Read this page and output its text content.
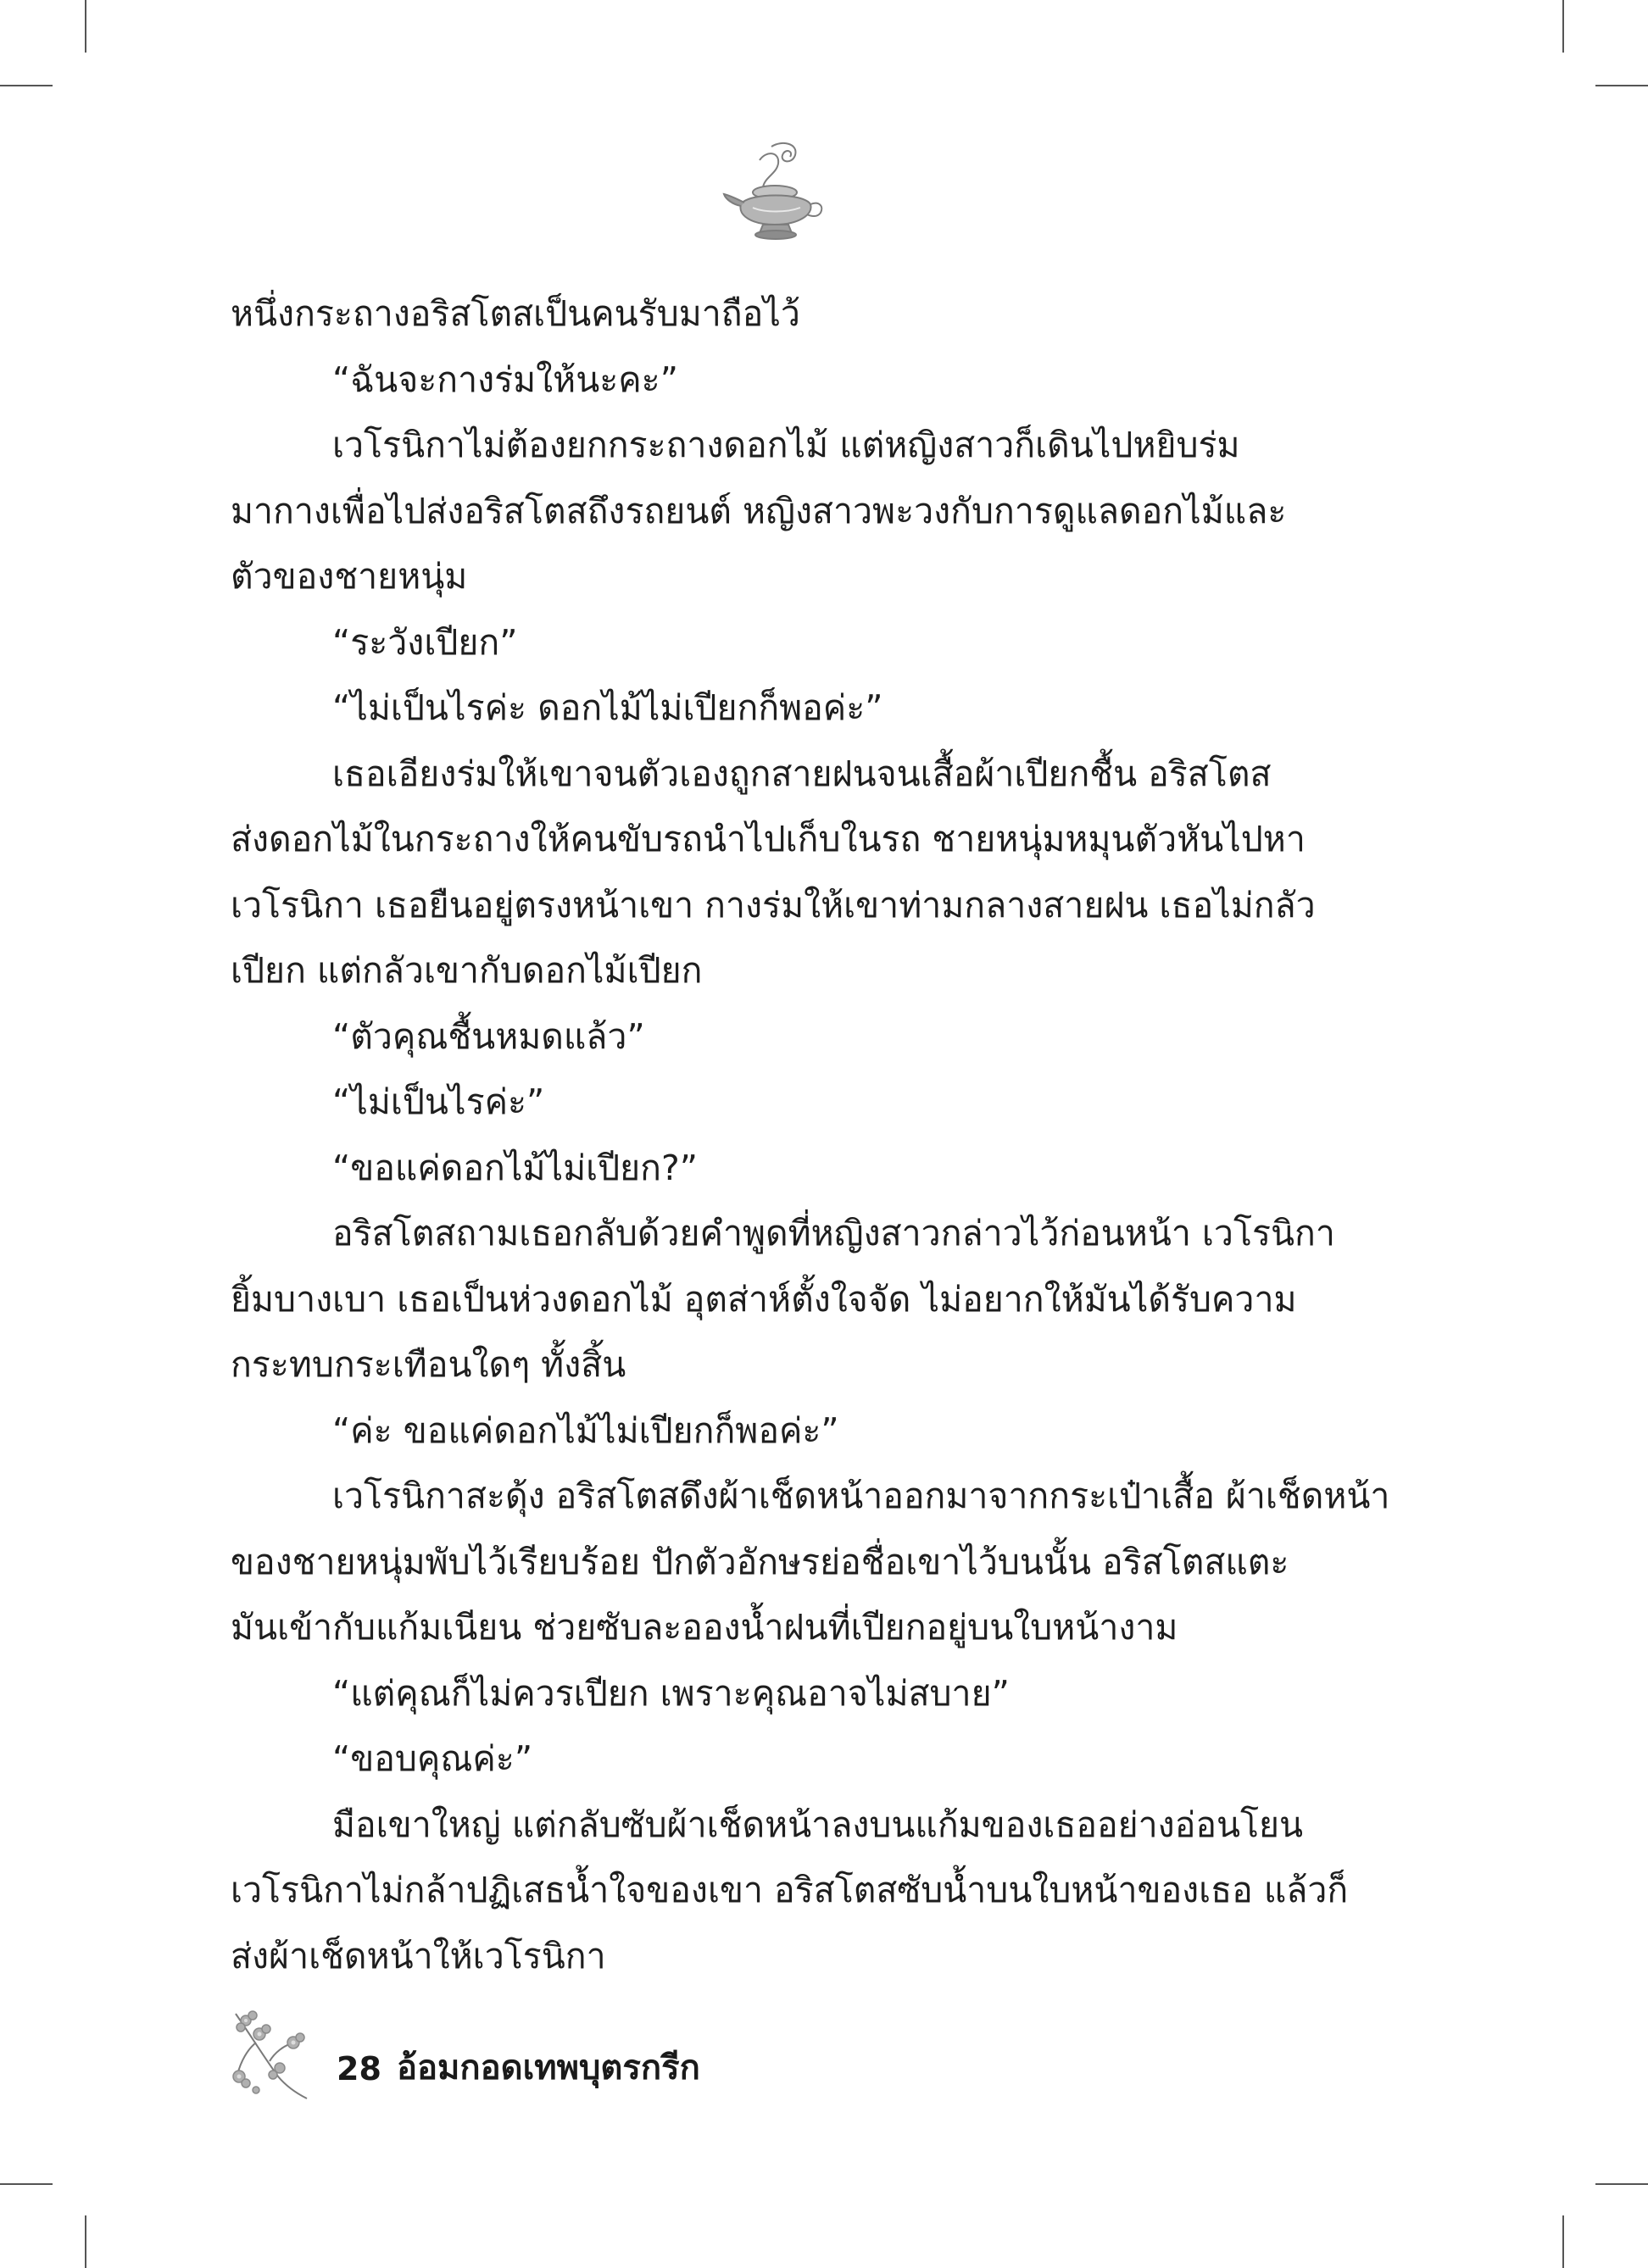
หนึ่งกระถางอริสโตสเป็นคนรับมาถือไว้
“ฉันจะกางร่มให้นะคะ”
เวโรนิกาไม่ต้องยกกระถางดอกไม้ แต่หญิงสาวก็เดินไปหยิบร่ม
มากางเพื่อไปส่งอริสโตสถึงรถยนต์ หญิงสาวพะวงกับการดูแลดอกไม้และ
ตัวของชายหนุ่ม
“ระวังเปียก”
“ไม่เป็นไรค่ะ ดอกไม้ไม่เปียกก็พอค่ะ”
เธอเอียงร่มให้เขาจนตัวเองถูกสายฝนจนเสื้อผ้าเปียกชื้น อริสโตส
ส่งดอกไม้ในกระถางให้คนขับรถนำไปเก็บในรถ ชายหนุ่มหมุนตัวหันไปหา
เวโรนิกา เธอยืนอยู่ตรงหน้าเขา กางร่มให้เขาท่ามกลางสายฝน เธอไม่กลัว
เปียก แต่กลัวเขากับดอกไม้เปียก
“ตัวคุณชื้นหมดแล้ว”
“ไม่เป็นไรค่ะ”
“ขอแค่ดอกไม้ไม่เปียก?”
อริสโตสถามเธอกลับด้วยคำพูดที่หญิงสาวกล่าวไว้ก่อนหน้า เวโรนิกา
ยิ้มบางเบา เธอเป็นห่วงดอกไม้ อุตส่าห์ตั้งใจจัด ไม่อยากให้มันได้รับความ
กระทบกระเทือนใดๆ ทั้งสิ้น
“ค่ะ ขอแค่ดอกไม้ไม่เปียกก็พอค่ะ”
เวโรนิกาสะดุ้ง อริสโตสดึงผ้าเช็ดหน้าออกมาจากกระเป๋าเสื้อ ผ้าเช็ดหน้า
ของชายหนุ่มพับไว้เรียบร้อย ปักตัวอักษรย่อชื่อเขาไว้บนนั้น อริสโตสแตะ
มันเข้ากับแก้มเนียน ช่วยซับละอองน้ำฝนที่เปียกอยู่บนใบหน้างาม
“แต่คุณก็ไม่ควรเปียก เพราะคุณอาจไม่สบาย”
“ขอบคุณค่ะ”
มือเขาใหญ่ แต่กลับซับผ้าเช็ดหน้าลงบนแก้มของเธออย่างอ่อนโยน
เวโรนิกาไม่กล้าปฏิเสธน้ำใจของเขา อริสโตสซับน้ำบนใบหน้าของเธอ แล้วก็
ส่งผ้าเช็ดหน้าให้เวโรนิกา
28 อ้อมกอดเทพบุตรกรีก
